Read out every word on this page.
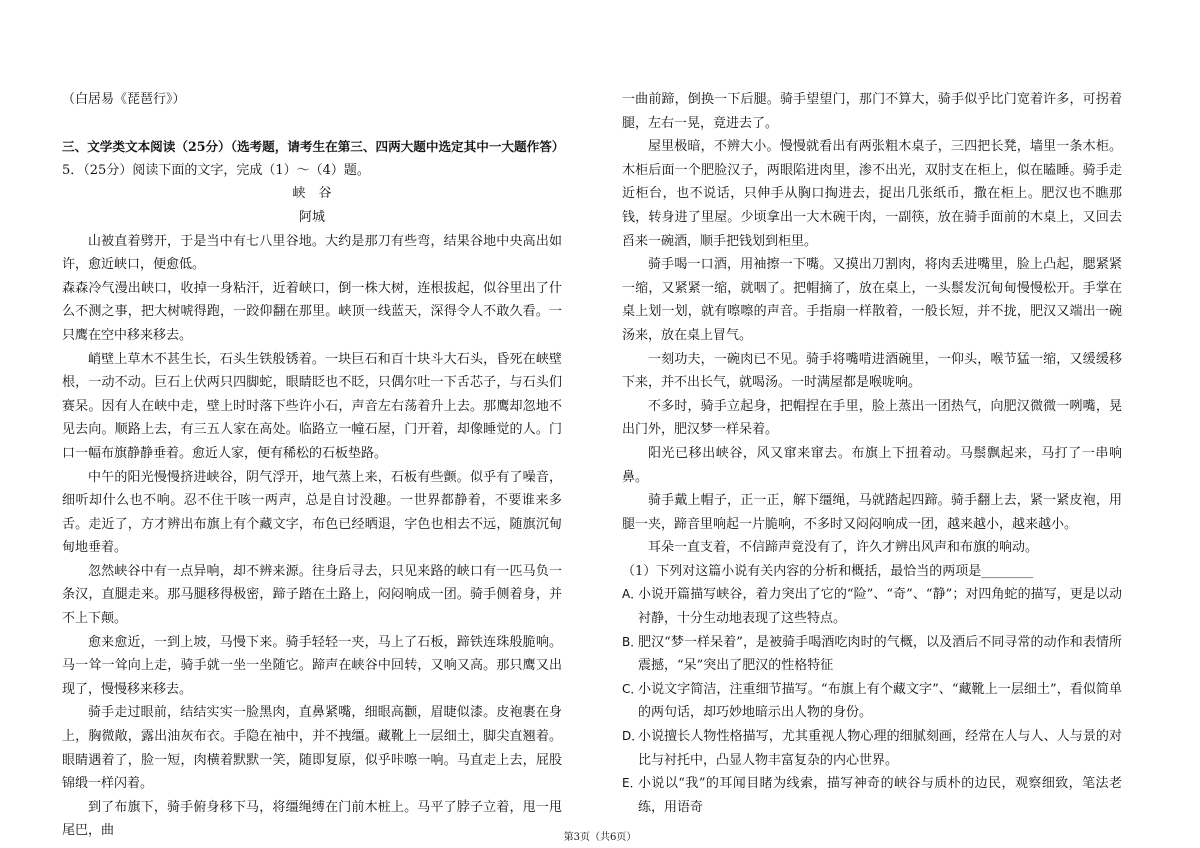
（白居易《琵琶行》）

三、文学类文本阅读（25分）（选考题，请考生在第三、四两大题中选定其中一大题作答）

5．（25分）阅读下面的文字，完成（1）～（4）题。

峡　谷

阿城

山被直着劈开，于是当中有七八里谷地。大约是那刀有些弯，结果谷地中央高出如许，愈近峡口，便愈低。

森森冷气漫出峡口，收掉一身粘汗，近着峡口，倒一株大树，连根拔起，似谷里出了什么不测之事，把大树唬得跑，一跤仰翻在那里。峡顶一线蓝天，深得令人不敢久看。一只鹰在空中移来移去。

峭壁上草木不甚生长，石头生铁般锈着。一块巨石和百十块斗大石头，昏死在峡壁根，一动不动。巨石上伏两只四脚蛇，眼睛眨也不眨，只偶尔吐一下舌芯子，与石头们赛呆。因有人在峡中走，壁上时时落下些许小石，声音左右荡着升上去。那鹰却忽地不见去向。顺路上去，有三五人家在高处。临路立一幢石屋，门开着，却像睡觉的人。门口一幅布旗静静垂着。愈近人家，便有稀松的石板垫路。

中午的阳光慢慢挤进峡谷，阴气浮开，地气蒸上来，石板有些颤。似乎有了噪音，细听却什么也不响。忍不住干咳一两声，总是自讨没趣。一世界都静着，不要谁来多舌。走近了，方才辨出布旗上有个藏文字，布色已经晒退，字色也相去不远，随旗沉甸甸地垂着。

忽然峡谷中有一点异响，却不辨来源。往身后寻去，只见来路的峡口有一匹马负一条汉，直腿走来。那马腿移得极密，蹄子踏在土路上，闷闷响成一团。骑手侧着身，并不上下颠。

愈来愈近，一到上坡，马慢下来。骑手轻轻一夹，马上了石板，蹄铁连珠般脆响。马一耸一耸向上走，骑手就一坐一坐随它。蹄声在峡谷中回转，又响又高。那只鹰又出现了，慢慢移来移去。

骑手走过眼前，结结实实一脸黑肉，直鼻紧嘴，细眼高颧，眉睫似漆。皮袍裹在身上，胸微敞，露出油灰布衣。手隐在袖中，并不拽缰。藏靴上一层细土，脚尖直翘着。眼睛遇着了，脸一短，肉横着默默一笑，随即复原，似乎咔嚓一响。马直走上去，屁股锦缎一样闪着。

到了布旗下，骑手俯身移下马，将缰绳缚在门前木桩上。马平了脖子立着，甩一甩尾巴，曲

一曲前蹄，倒换一下后腿。骑手望望门，那门不算大，骑手似乎比门宽着许多，可拐着腿，左右一晃，竟进去了。

屋里极暗，不辨大小。慢慢就看出有两张粗木桌子，三四把长凳，墙里一条木柜。木柜后面一个肥脸汉子，两眼陷进肉里，渗不出光，双肘支在柜上，似在瞌睡。骑手走近柜台，也不说话，只伸手从胸口掏进去，捉出几张纸币，撒在柜上。肥汉也不瞧那钱，转身进了里屋。少顷拿出一大木碗干肉，一副筷，放在骑手面前的木桌上，又回去舀来一碗酒，顺手把钱划到柜里。

骑手喝一口酒，用袖擦一下嘴。又摸出刀割肉，将肉丢进嘴里，脸上凸起，腮紧紧一缩，又紧紧一缩，就咽了。把帽摘了，放在桌上，一头鬃发沉甸甸慢慢松开。手掌在桌上划一划，就有嚓嚓的声音。手指扇一样散着，一般长短，并不拢，肥汉又端出一碗汤来，放在桌上冒气。

一刻功夫，一碗肉已不见。骑手将嘴啃进酒碗里，一仰头，喉节猛一缩，又缓缓移下来，并不出长气，就喝汤。一时满屋都是喉咙响。

不多时，骑手立起身，把帽捏在手里，脸上蒸出一团热气，向肥汉微微一咧嘴，晃出门外，肥汉梦一样呆着。

阳光已移出峡谷，风又窜来窜去。布旗上下扭着动。马鬃飘起来，马打了一串响鼻。

骑手戴上帽子，正一正，解下缰绳，马就踏起四蹄。骑手翻上去，紧一紧皮袍，用腿一夹，蹄音里响起一片脆响，不多时又闷闷响成一团，越来越小，越来越小。

耳朵一直支着，不信蹄声竟没有了，许久才辨出风声和布旗的响动。

（1）下列对这篇小说有关内容的分析和概括，最恰当的两项是________

A．
小说开篇描写峡谷，着力突出了它的“险”、“奇”、“静”；对四角蛇的描写，更是以动衬静，十分生动地表现了这些特点。
B．
肥汉“梦一样呆着”，是被骑手喝酒吃肉时的气概，以及酒后不同寻常的动作和表情所震撼，“呆”突出了肥汉的性格特征
C．
小说文字简洁，注重细节描写。“布旗上有个藏文字”、“藏靴上一层细土”，看似简单的两句话，却巧妙地暗示出人物的身份。
D．
小说擅长人物性格描写，尤其重视人物心理的细腻刻画，经常在人与人、人与景的对比与衬托中，凸显人物丰富复杂的内心世界。
E．
小说以“我”的耳闻目睹为线索，描写神奇的峡谷与质朴的边民，观察细致，笔法老练，用语奇
第3页（共6页）
